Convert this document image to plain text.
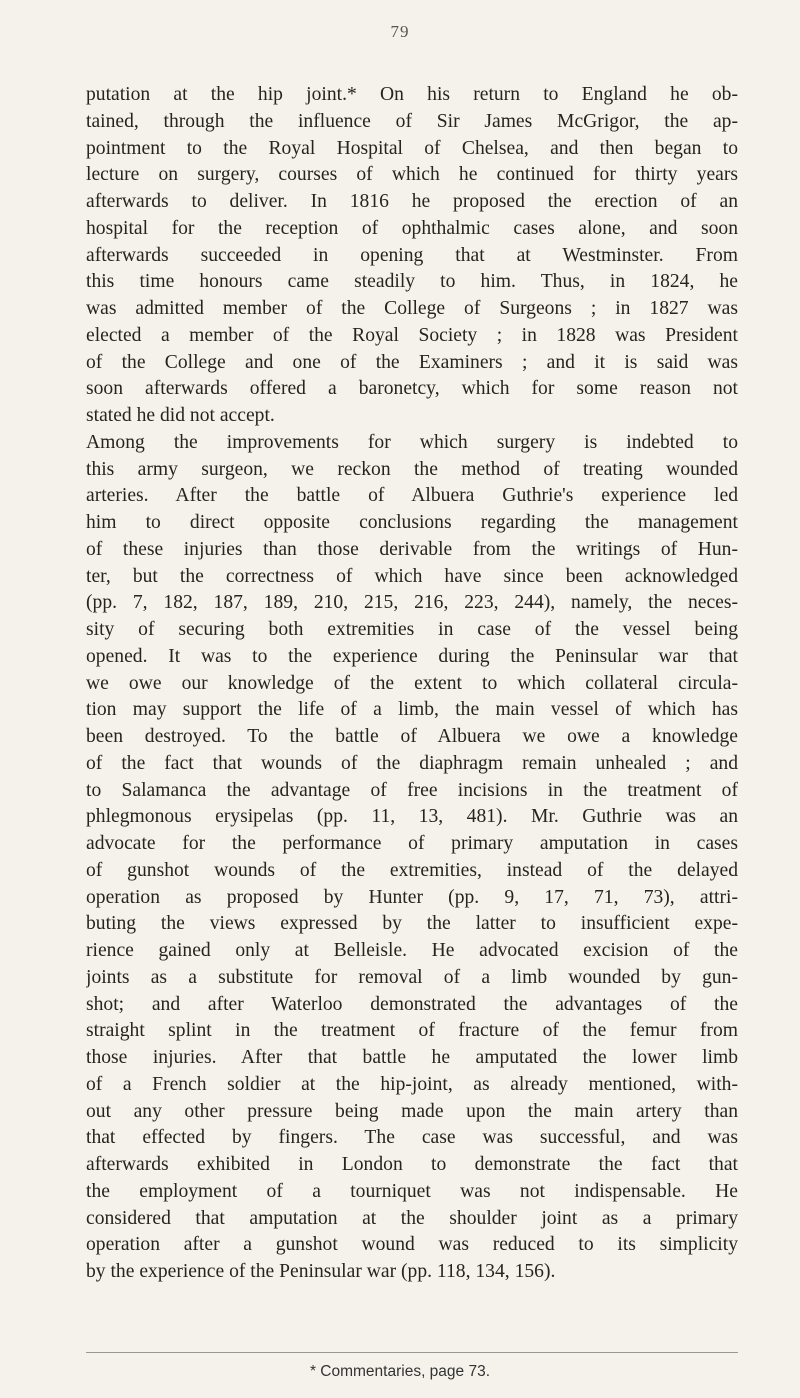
79
putation at the hip joint.* On his return to England he ob-
tained, through the influence of Sir James McGrigor, the ap-
pointment to the Royal Hospital of Chelsea, and then began to
lecture on surgery, courses of which he continued for thirty years
afterwards to deliver. In 1816 he proposed the erection of an
hospital for the reception of ophthalmic cases alone, and soon
afterwards succeeded in opening that at Westminster. From
this time honours came steadily to him. Thus, in 1824, he
was admitted member of the College of Surgeons ; in 1827 was
elected a member of the Royal Society ; in 1828 was President
of the College and one of the Examiners ; and it is said was
soon afterwards offered a baronetcy, which for some reason not
stated he did not accept.
Among the improvements for which surgery is indebted to
this army surgeon, we reckon the method of treating wounded
arteries. After the battle of Albuera Guthrie's experience led
him to direct opposite conclusions regarding the management
of these injuries than those derivable from the writings of Hun-
ter, but the correctness of which have since been acknowledged
(pp. 7, 182, 187, 189, 210, 215, 216, 223, 244), namely, the neces-
sity of securing both extremities in case of the vessel being
opened. It was to the experience during the Peninsular war that
we owe our knowledge of the extent to which collateral circula-
tion may support the life of a limb, the main vessel of which has
been destroyed. To the battle of Albuera we owe a knowledge
of the fact that wounds of the diaphragm remain unhealed ; and
to Salamanca the advantage of free incisions in the treatment of
phlegmonous erysipelas (pp. 11, 13, 481). Mr. Guthrie was an
advocate for the performance of primary amputation in cases
of gunshot wounds of the extremities, instead of the delayed
operation as proposed by Hunter (pp. 9, 17, 71, 73), attri-
buting the views expressed by the latter to insufficient expe-
rience gained only at Belleisle. He advocated excision of the
joints as a substitute for removal of a limb wounded by gun-
shot; and after Waterloo demonstrated the advantages of the
straight splint in the treatment of fracture of the femur from
those injuries. After that battle he amputated the lower limb
of a French soldier at the hip-joint, as already mentioned, with-
out any other pressure being made upon the main artery than
that effected by fingers. The case was successful, and was
afterwards exhibited in London to demonstrate the fact that
the employment of a tourniquet was not indispensable. He
considered that amputation at the shoulder joint as a primary
operation after a gunshot wound was reduced to its simplicity
by the experience of the Peninsular war (pp. 118, 134, 156).
* Commentaries, page 73.
